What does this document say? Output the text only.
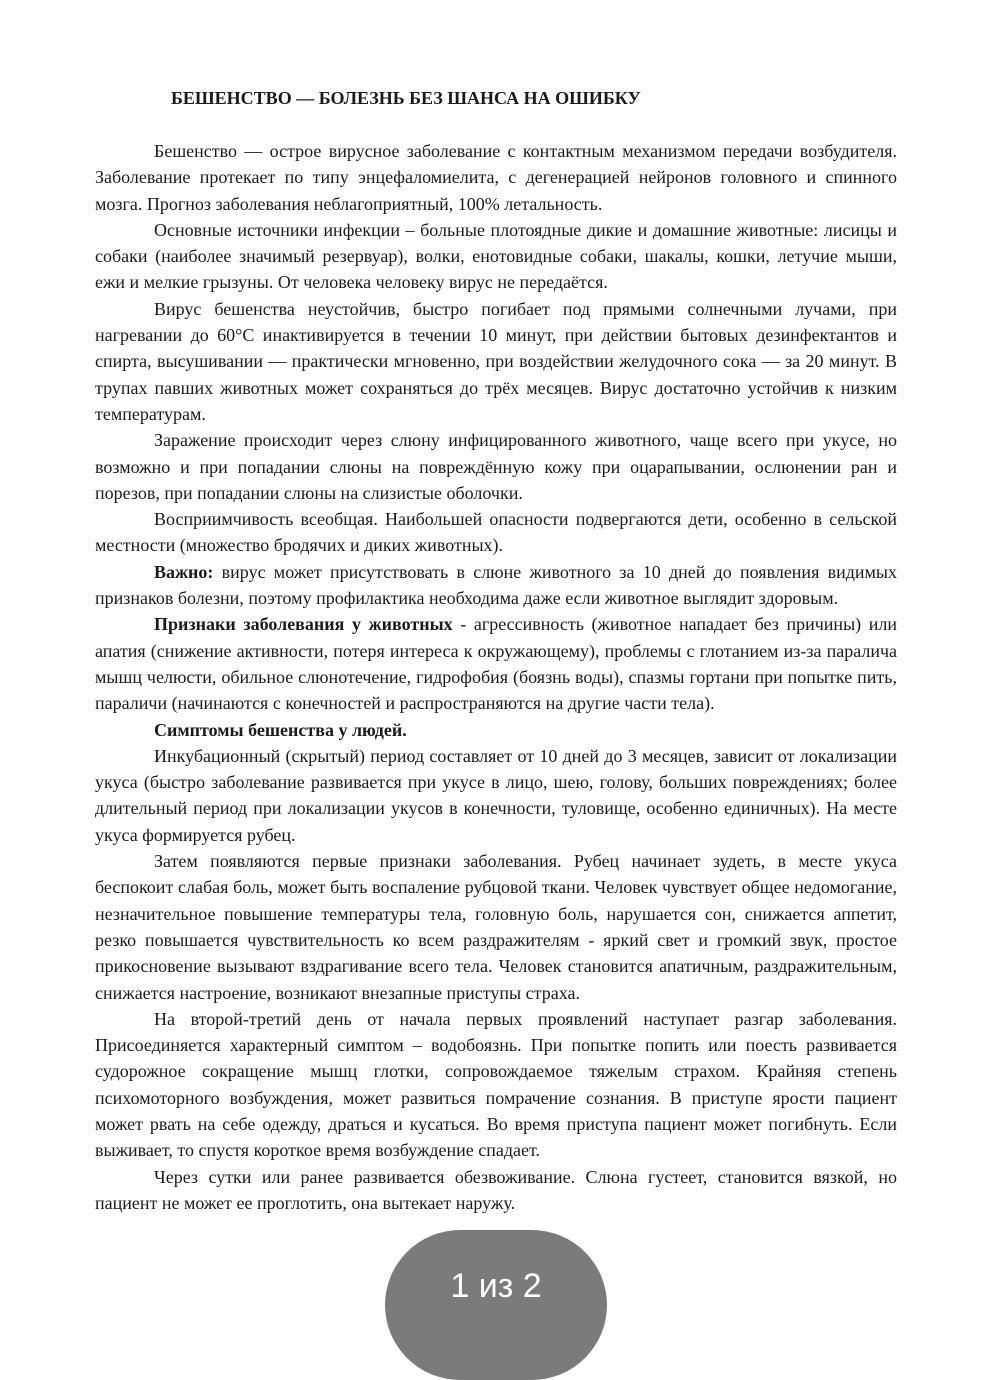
БЕШЕНСТВО — БОЛЕЗНЬ БЕЗ ШАНСА НА ОШИБКУ

Бешенство — острое вирусное заболевание с контактным механизмом передачи возбудителя. Заболевание протекает по типу энцефаломиелита, с дегенерацией нейронов головного и спинного мозга. Прогноз заболевания неблагоприятный, 100% летальность.

Основные источники инфекции – больные плотоядные дикие и домашние животные: лисицы и собаки (наиболее значимый резервуар), волки, енотовидные собаки, шакалы, кошки, летучие мыши, ежи и мелкие грызуны. От человека человеку вирус не передаётся.

Вирус бешенства неустойчив, быстро погибает под прямыми солнечными лучами, при нагревании до 60°С инактивируется в течении 10 минут, при действии бытовых дезинфектантов и спирта, высушивании — практически мгновенно, при воздействии желудочного сока — за 20 минут. В трупах павших животных может сохраняться до трёх месяцев. Вирус достаточно устойчив к низким температурам.

Заражение происходит через слюну инфицированного животного, чаще всего при укусе, но возможно и при попадании слюны на повреждённую кожу при оцарапывании, ослюнении ран и порезов, при попадании слюны на слизистые оболочки.

Восприимчивость всеобщая. Наибольшей опасности подвергаются дети, особенно в сельской местности (множество бродячих и диких животных).

Важно: вирус может присутствовать в слюне животного за 10 дней до появления видимых признаков болезни, поэтому профилактика необходима даже если животное выглядит здоровым.

Признаки заболевания у животных - агрессивность (животное нападает без причины) или апатия (снижение активности, потеря интереса к окружающему), проблемы с глотанием из-за паралича мышц челюсти, обильное слюнотечение, гидрофобия (боязнь воды), спазмы гортани при попытке пить, параличи (начинаются с конечностей и распространяются на другие части тела).

Симптомы бешенства у людей.

Инкубационный (скрытый) период составляет от 10 дней до 3 месяцев, зависит от локализации укуса (быстро заболевание развивается при укусе в лицо, шею, голову, больших повреждениях; более длительный период при локализации укусов в конечности, туловище, особенно единичных). На месте укуса формируется рубец.

Затем появляются первые признаки заболевания. Рубец начинает зудеть, в месте укуса беспокоит слабая боль, может быть воспаление рубцовой ткани. Человек чувствует общее недомогание, незначительное повышение температуры тела, головную боль, нарушается сон, снижается аппетит, резко повышается чувствительность ко всем раздражителям - яркий свет и громкий звук, простое прикосновение вызывают вздрагивание всего тела. Человек становится апатичным, раздражительным, снижается настроение, возникают внезапные приступы страха.

На второй-третий день от начала первых проявлений наступает разгар заболевания. Присоединяется характерный симптом – водобоязнь. При попытке попить или поесть развивается судорожное сокращение мышц глотки, сопровождаемое тяжелым страхом. Крайняя степень психомоторного возбуждения, может развиться помрачение сознания. В приступе ярости пациент может рвать на себе одежду, драться и кусаться. Во время приступа пациент может погибнуть. Если выживает, то спустя короткое время возбуждение спадает.

Через сутки или ранее развивается обезвоживание. Слюна густеет, становится вязкой, но пациент не может ее проглотить, она вытекает наружу.

1 из 2
